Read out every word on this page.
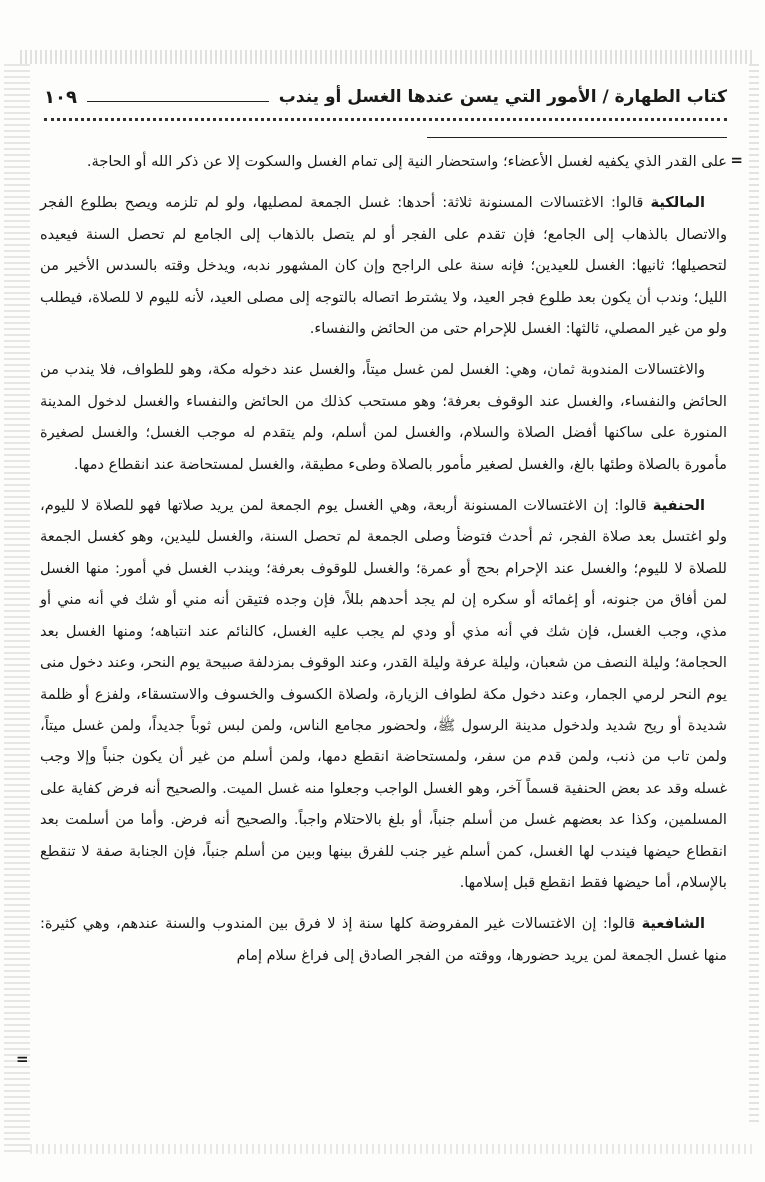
كتاب الطهارة / الأمور التي يسن عندها الغسل أو يندب
١٠٩
=
=

على القدر الذي يكفيه لغسل الأعضاء؛ واستحضار النية إلى تمام الغسل والسكوت إلا عن ذكر الله أو الحاجة.

المالكية قالوا: الاغتسالات المسنونة ثلاثة: أحدها: غسل الجمعة لمصليها، ولو لم تلزمه ويصح بطلوع الفجر والاتصال بالذهاب إلى الجامع؛ فإن تقدم على الفجر أو لم يتصل بالذهاب إلى الجامع لم تحصل السنة فيعيده لتحصيلها؛ ثانيها: الغسل للعيدين؛ فإنه سنة على الراجح وإن كان المشهور ندبه، ويدخل وقته بالسدس الأخير من الليل؛ وندب أن يكون بعد طلوع فجر العيد، ولا يشترط اتصاله بالتوجه إلى مصلى العيد، لأنه لليوم لا للصلاة، فيطلب ولو من غير المصلي، ثالثها: الغسل للإحرام حتى من الحائض والنفساء.

والاغتسالات المندوبة ثمان، وهي: الغسل لمن غسل ميتاً، والغسل عند دخوله مكة، وهو للطواف، فلا يندب من الحائض والنفساء، والغسل عند الوقوف بعرفة؛ وهو مستحب كذلك من الحائض والنفساء والغسل لدخول المدينة المنورة على ساكنها أفضل الصلاة والسلام، والغسل لمن أسلم، ولم يتقدم له موجب الغسل؛ والغسل لصغيرة مأمورة بالصلاة وطئها بالغ، والغسل لصغير مأمور بالصلاة وطىء مطيقة، والغسل لمستحاضة عند انقطاع دمها.

الحنفية قالوا: إن الاغتسالات المسنونة أربعة، وهي الغسل يوم الجمعة لمن يريد صلاتها فهو للصلاة لا لليوم، ولو اغتسل بعد صلاة الفجر، ثم أحدث فتوضأ وصلى الجمعة لم تحصل السنة، والغسل لليدين، وهو كغسل الجمعة للصلاة لا لليوم؛ والغسل عند الإحرام بحج أو عمرة؛ والغسل للوقوف بعرفة؛ ويندب الغسل في أمور: منها الغسل لمن أفاق من جنونه، أو إغمائه أو سكره إن لم يجد أحدهم بللاً، فإن وجده فتيقن أنه مني أو شك في أنه مني أو مذي، وجب الغسل، فإن شك في أنه مذي أو ودي لم يجب عليه الغسل، كالنائم عند انتباهه؛ ومنها الغسل بعد الحجامة؛ وليلة النصف من شعبان، وليلة عرفة وليلة القدر، وعند الوقوف بمزدلفة صبيحة يوم النحر، وعند دخول منى يوم النحر لرمي الجمار، وعند دخول مكة لطواف الزيارة، ولصلاة الكسوف والخسوف والاستسقاء، ولفزع أو ظلمة شديدة أو ريح شديد ولدخول مدينة الرسول ﷺ، ولحضور مجامع الناس، ولمن لبس ثوباً جديداً، ولمن غسل ميتاً، ولمن تاب من ذنب، ولمن قدم من سفر، ولمستحاضة انقطع دمها، ولمن أسلم من غير أن يكون جنباً وإلا وجب غسله وقد عد بعض الحنفية قسماً آخر، وهو الغسل الواجب وجعلوا منه غسل الميت. والصحيح أنه فرض كفاية على المسلمين، وكذا عد بعضهم غسل من أسلم جنباً، أو بلغ بالاحتلام واجباً. والصحيح أنه فرض. وأما من أسلمت بعد انقطاع حيضها فيندب لها الغسل، كمن أسلم غير جنب للفرق بينها وبين من أسلم جنباً، فإن الجنابة صفة لا تنقطع بالإسلام، أما حيضها فقط انقطع قبل إسلامها.

الشافعية قالوا: إن الاغتسالات غير المفروضة كلها سنة إذ لا فرق بين المندوب والسنة عندهم، وهي كثيرة: منها غسل الجمعة لمن يريد حضورها، ووقته من الفجر الصادق إلى فراغ سلام إمام
